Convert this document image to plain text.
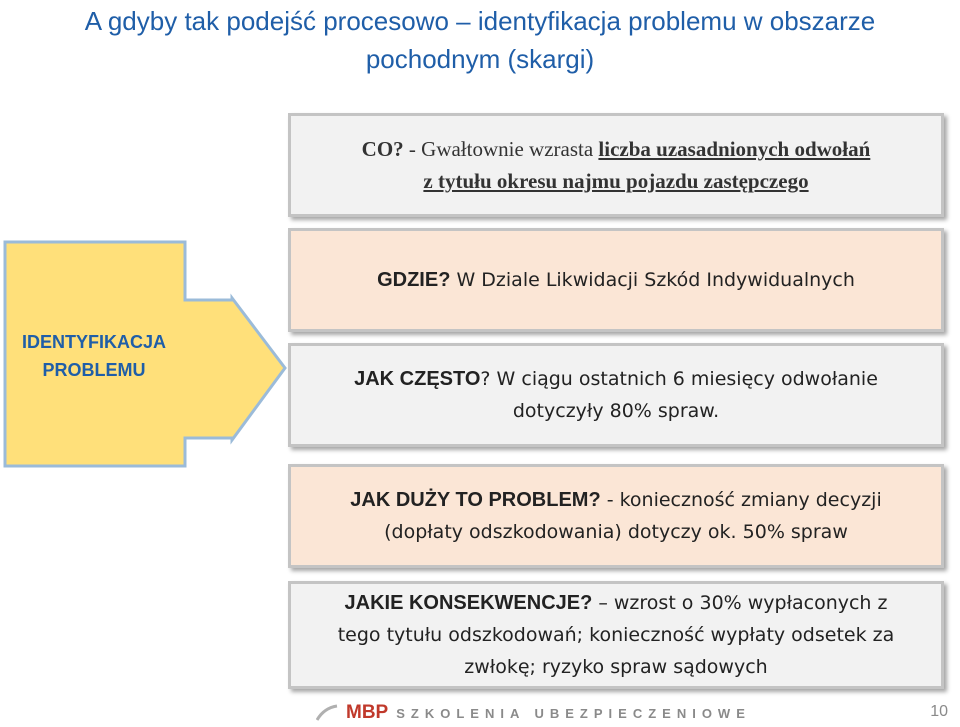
A gdyby tak podejść procesowo – identyfikacja problemu w obszarze
pochodnym (skargi)
IDENTYFIKACJA
PROBLEMU
CO? - Gwałtownie wzrasta liczba uzasadnionych odwołań
z tytułu okresu najmu pojazdu zastępczego
GDZIE? W Dziale Likwidacji Szkód Indywidualnych
JAK CZĘSTO? W ciągu ostatnich 6 miesięcy odwołanie
dotyczyły 80% spraw.
JAK DUŻY TO PROBLEM? - konieczność zmiany decyzji
(dopłaty odszkodowania) dotyczy ok. 50% spraw
JAKIE KONSEKWENCJE? – wzrost o 30% wypłaconych z
tego tytułu odszkodowań; konieczność wypłaty odsetek za
zwłokę; ryzyko spraw sądowych
MBP SZKOLENIA UBEZPIECZENIOWE	10
